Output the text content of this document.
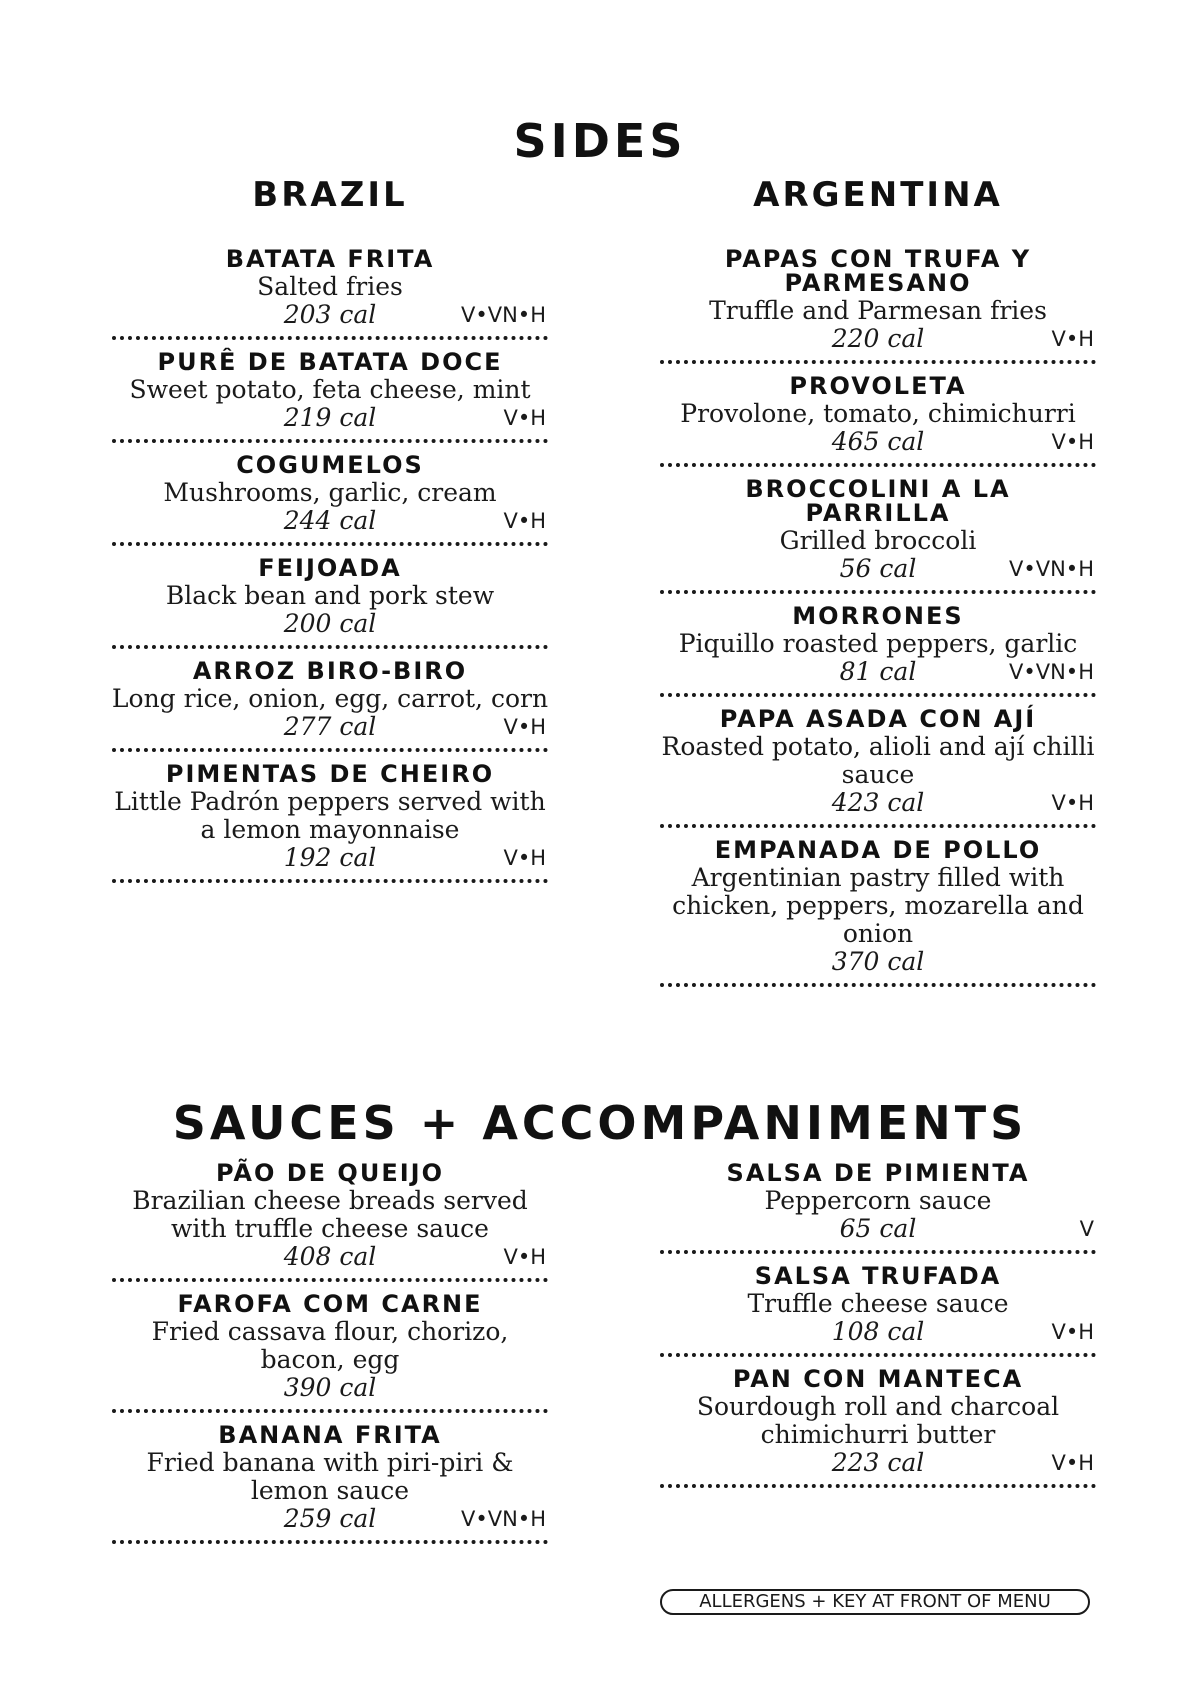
SIDES
BRAZIL	ARGENTINA
BATATA FRITA
Salted fries
203 cal	V•VN•H
PURÊ DE BATATA DOCE
Sweet potato, feta cheese, mint
219 cal	V•H
COGUMELOS
Mushrooms, garlic, cream
244 cal	V•H
FEIJOADA
Black bean and pork stew
200 cal
ARROZ BIRO-BIRO
Long rice, onion, egg, carrot, corn
277 cal	V•H
PIMENTAS DE CHEIRO
Little Padrón peppers served with a lemon mayonnaise
192 cal	V•H
PAPAS CON TRUFA Y PARMESANO
Truffle and Parmesan fries
220 cal	V•H
PROVOLETA
Provolone, tomato, chimichurri
465 cal	V•H
BROCCOLINI A LA PARRILLA
Grilled broccoli
56 cal	V•VN•H
MORRONES
Piquillo roasted peppers, garlic
81 cal	V•VN•H
PAPA ASADA CON AJÍ
Roasted potato, alioli and ají chilli sauce
423 cal	V•H
EMPANADA DE POLLO
Argentinian pastry filled with chicken, peppers, mozarella and onion
370 cal
SAUCES + ACCOMPANIMENTS
PÃO DE QUEIJO
Brazilian cheese breads served with truffle cheese sauce
408 cal	V•H
FAROFA COM CARNE
Fried cassava flour, chorizo, bacon, egg
390 cal
BANANA FRITA
Fried banana with piri-piri & lemon sauce
259 cal	V•VN•H
SALSA DE PIMIENTA
Peppercorn sauce
65 cal	V
SALSA TRUFADA
Truffle cheese sauce
108 cal	V•H
PAN CON MANTECA
Sourdough roll and charcoal chimichurri butter
223 cal	V•H
ALLERGENS + KEY AT FRONT OF MENU
